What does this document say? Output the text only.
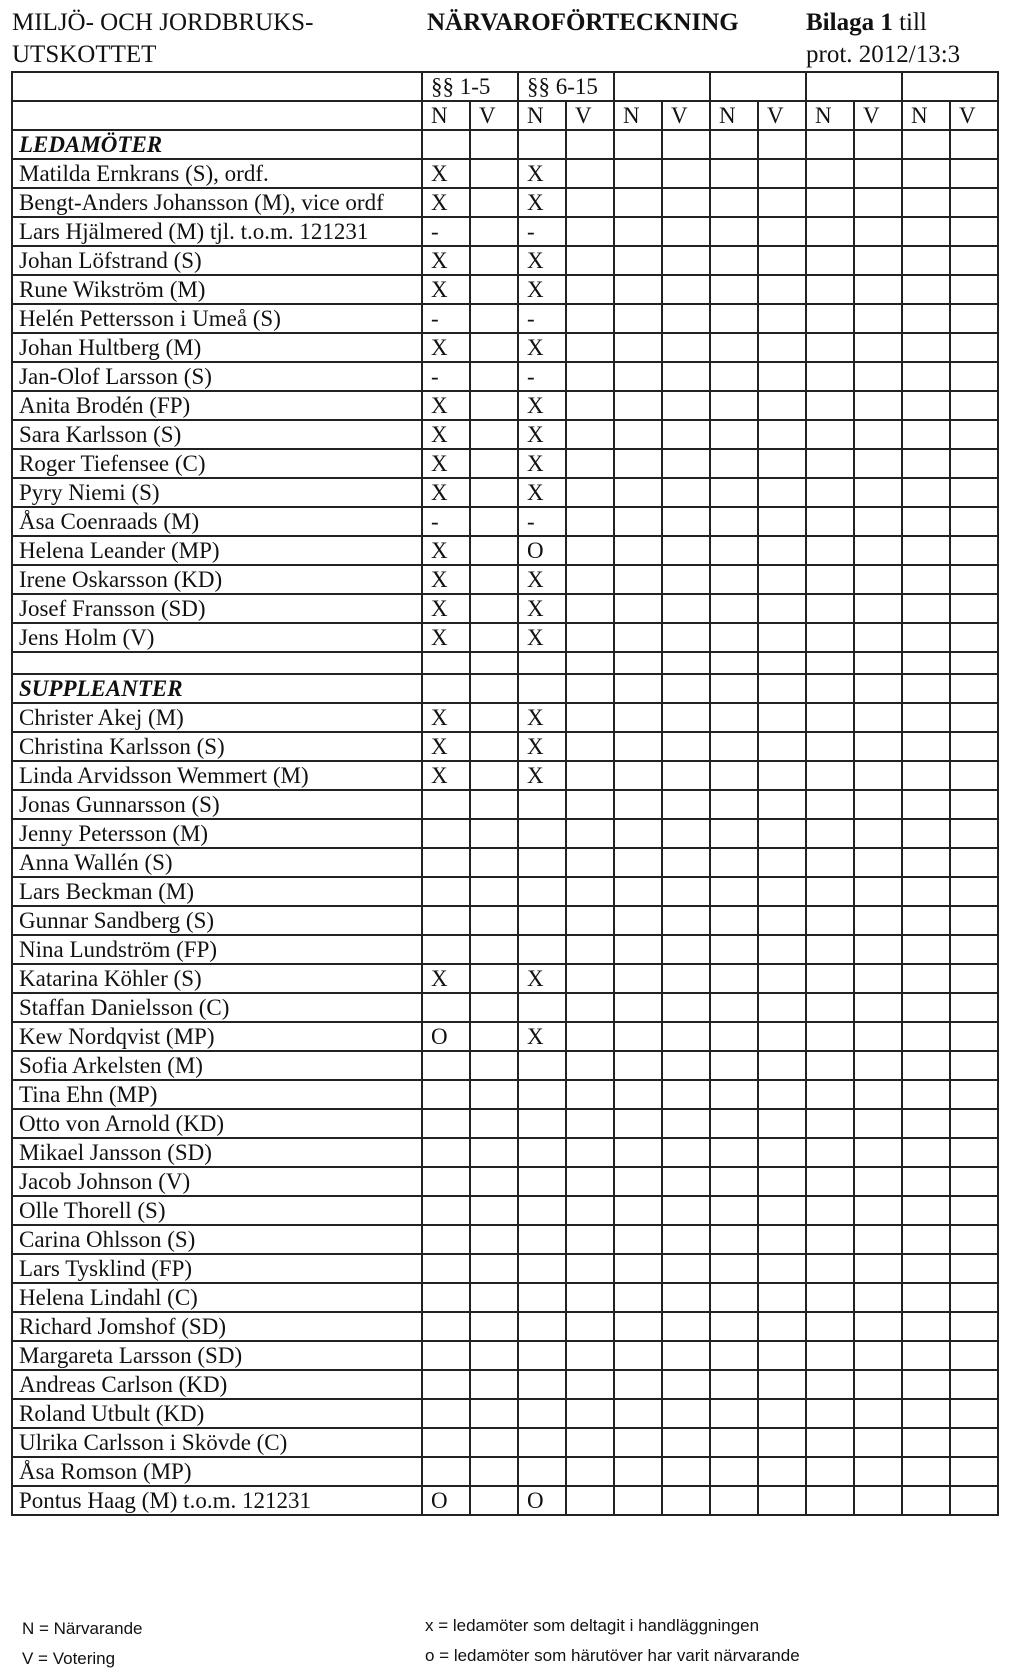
MILJÖ- OCH JORDBRUKS-
UTSKOTTET
NÄRVAROFÖRTECKNING	Bilaga 1 till
prot. 2012/13:3
	§§ 1-5		§§ 6-15									
	N	V	N	V	N	V	N	V	N	V	N	V
LEDAMÖTER												
Matilda Ernkrans (S), ordf.	X		X									
Bengt-Anders Johansson (M), vice ordf	X		X									
Lars Hjälmered (M) tjl. t.o.m. 121231	-		-									
Johan Löfstrand (S)	X		X									
Rune Wikström (M)	X		X									
Helén Pettersson i Umeå (S)	-		-									
Johan Hultberg (M)	X		X									
Jan-Olof Larsson (S)	-		-									
Anita Brodén (FP)	X		X									
Sara Karlsson (S)	X		X									
Roger Tiefensee (C)	X		X									
Pyry Niemi (S)	X		X									
Åsa Coenraads (M)	-		-									
Helena Leander (MP)	X		O									
Irene Oskarsson (KD)	X		X									
Josef Fransson (SD)	X		X									
Jens Holm (V)	X		X									

SUPPLEANTER												
Christer Akej (M)	X		X									
Christina Karlsson (S)	X		X									
Linda Arvidsson Wemmert (M)	X		X									
Jonas Gunnarsson (S)												
Jenny Petersson (M)												
Anna Wallén (S)												
Lars Beckman (M)												
Gunnar Sandberg (S)												
Nina Lundström (FP)												
Katarina Köhler (S)	X		X									
Staffan Danielsson (C)												
Kew Nordqvist (MP)	O		X									
Sofia Arkelsten (M)												
Tina Ehn (MP)												
Otto von Arnold (KD)												
Mikael Jansson (SD)												
Jacob Johnson (V)												
Olle Thorell (S)												
Carina Ohlsson (S)												
Lars Tysklind (FP)												
Helena Lindahl (C)												
Richard Jomshof (SD)												
Margareta Larsson (SD)												
Andreas Carlson (KD)												
Roland Utbult (KD)												
Ulrika Carlsson i Skövde (C)												
Åsa Romson (MP)												
Pontus Haag (M) t.o.m. 121231	O		O									
N = Närvarande
V = Votering
x = ledamöter som deltagit i handläggningen
o = ledamöter som härutöver har varit närvarande
